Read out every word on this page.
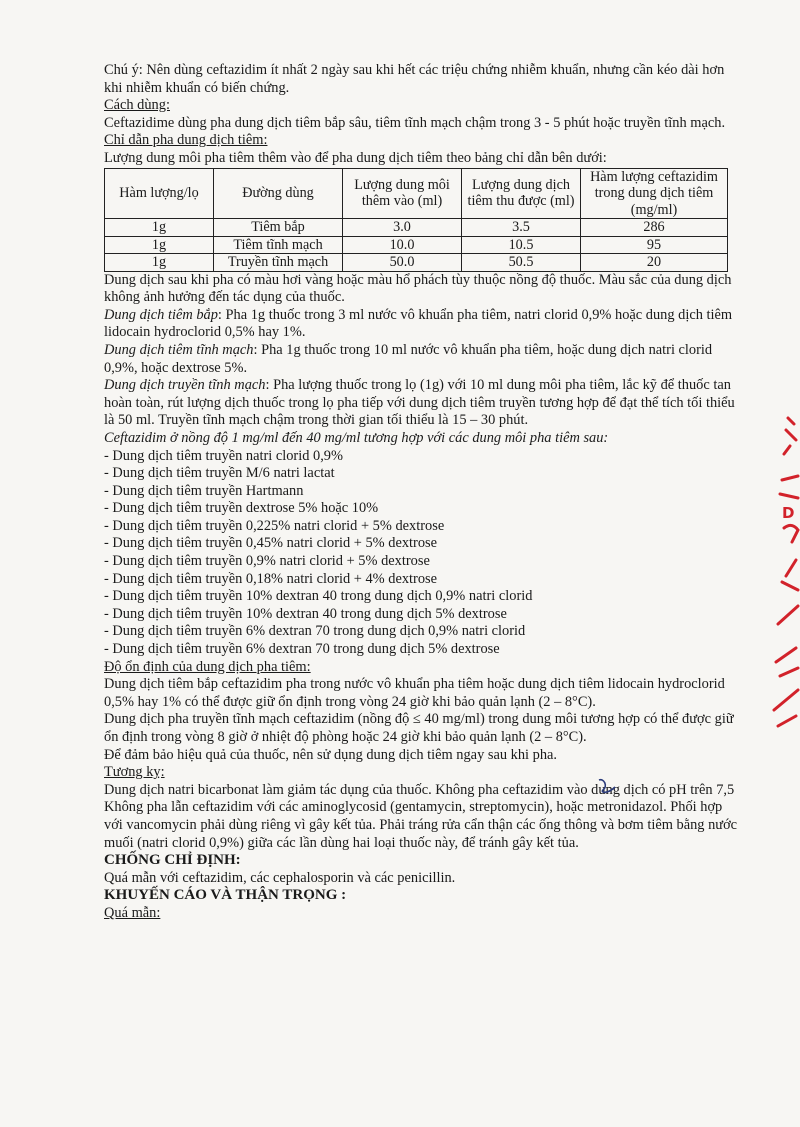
Chú ý: Nên dùng ceftazidim ít nhất 2 ngày sau khi hết các triệu chứng nhiễm khuẩn, nhưng cần kéo dài hơn khi nhiễm khuẩn có biến chứng.

Cách dùng:

Ceftazidime dùng pha dung dịch tiêm bắp sâu, tiêm tĩnh mạch chậm trong 3 - 5 phút hoặc truyền tĩnh mạch.

Chỉ dẫn pha dung dịch tiêm:

Lượng dung môi pha tiêm thêm vào để pha dung dịch tiêm theo bảng chỉ dẫn bên dưới:

Hàm lượng/lọ	Đường dùng	Lượng dung môi thêm vào (ml)	Lượng dung dịch tiêm thu được (ml)	Hàm lượng ceftazidim trong dung dịch tiêm (mg/ml)
1g	Tiêm bắp	3.0	3.5	286
1g	Tiêm tĩnh mạch	10.0	10.5	95
1g	Truyền tĩnh mạch	50.0	50.5	20

Dung dịch sau khi pha có màu hơi vàng hoặc màu hổ phách tùy thuộc nồng độ thuốc. Màu sắc của dung dịch không ảnh hưởng đến tác dụng của thuốc.

Dung dịch tiêm bắp: Pha 1g thuốc trong 3 ml nước vô khuẩn pha tiêm, natri clorid 0,9% hoặc dung dịch tiêm lidocain hydroclorid 0,5% hay 1%.

Dung dịch tiêm tĩnh mạch: Pha 1g thuốc trong 10 ml nước vô khuẩn pha tiêm, hoặc dung dịch natri clorid 0,9%, hoặc dextrose 5%.

Dung dịch truyền tĩnh mạch: Pha lượng thuốc trong lọ (1g) với 10 ml dung môi pha tiêm, lắc kỹ để thuốc tan hoàn toàn, rút lượng dịch thuốc trong lọ pha tiếp với dung dịch tiêm truyền tương hợp để đạt thể tích tối thiểu là 50 ml. Truyền tĩnh mạch chậm trong thời gian tối thiểu là 15 – 30 phút.

Ceftazidim ở nồng độ 1 mg/ml đến 40 mg/ml tương hợp với các dung môi pha tiêm sau:

- Dung dịch tiêm truyền natri clorid 0,9%

- Dung dịch tiêm truyền M/6 natri lactat

- Dung dịch tiêm truyền Hartmann

- Dung dịch tiêm truyền dextrose 5% hoặc 10%

- Dung dịch tiêm truyền 0,225% natri clorid + 5% dextrose

- Dung dịch tiêm truyền 0,45% natri clorid + 5% dextrose

- Dung dịch tiêm truyền 0,9% natri clorid + 5% dextrose

- Dung dịch tiêm truyền 0,18% natri clorid + 4% dextrose

- Dung dịch tiêm truyền 10% dextran 40 trong dung dịch 0,9% natri clorid

- Dung dịch tiêm truyền 10% dextran 40 trong dung dịch 5% dextrose

- Dung dịch tiêm truyền 6% dextran 70 trong dung dịch 0,9% natri clorid

- Dung dịch tiêm truyền 6% dextran 70 trong dung dịch 5% dextrose

Độ ổn định của dung dịch pha tiêm:

Dung dịch tiêm bắp ceftazidim pha trong nước vô khuẩn pha tiêm hoặc dung dịch tiêm lidocain hydroclorid 0,5% hay 1% có thể được giữ ổn định trong vòng 24 giờ khi bảo quản lạnh (2 – 8°C).

Dung dịch pha truyền tĩnh mạch ceftazidim (nồng độ ≤ 40 mg/ml) trong dung môi tương hợp có thể được giữ ổn định trong vòng 8 giờ ở nhiệt độ phòng hoặc 24 giờ khi bảo quản lạnh (2 – 8°C).

Để đảm bảo hiệu quả của thuốc, nên sử dụng dung dịch tiêm ngay sau khi pha.

Tương kỵ:

Dung dịch natri bicarbonat làm giảm tác dụng của thuốc. Không pha ceftazidim vào dung dịch có pH trên 7,5

Không pha lẫn ceftazidim với các aminoglycosid (gentamycin, streptomycin), hoặc metronidazol. Phối hợp với vancomycin phải dùng riêng vì gây kết tủa. Phải tráng rửa cẩn thận các ống thông và bơm tiêm bằng nước muối (natri clorid 0,9%) giữa các lần dùng hai loại thuốc này, để tránh gây kết tủa.

CHỐNG CHỈ ĐỊNH:

Quá mẫn với ceftazidim, các cephalosporin và các penicillin.

KHUYẾN CÁO VÀ THẬN TRỌNG :

Quá mẫn:

D
